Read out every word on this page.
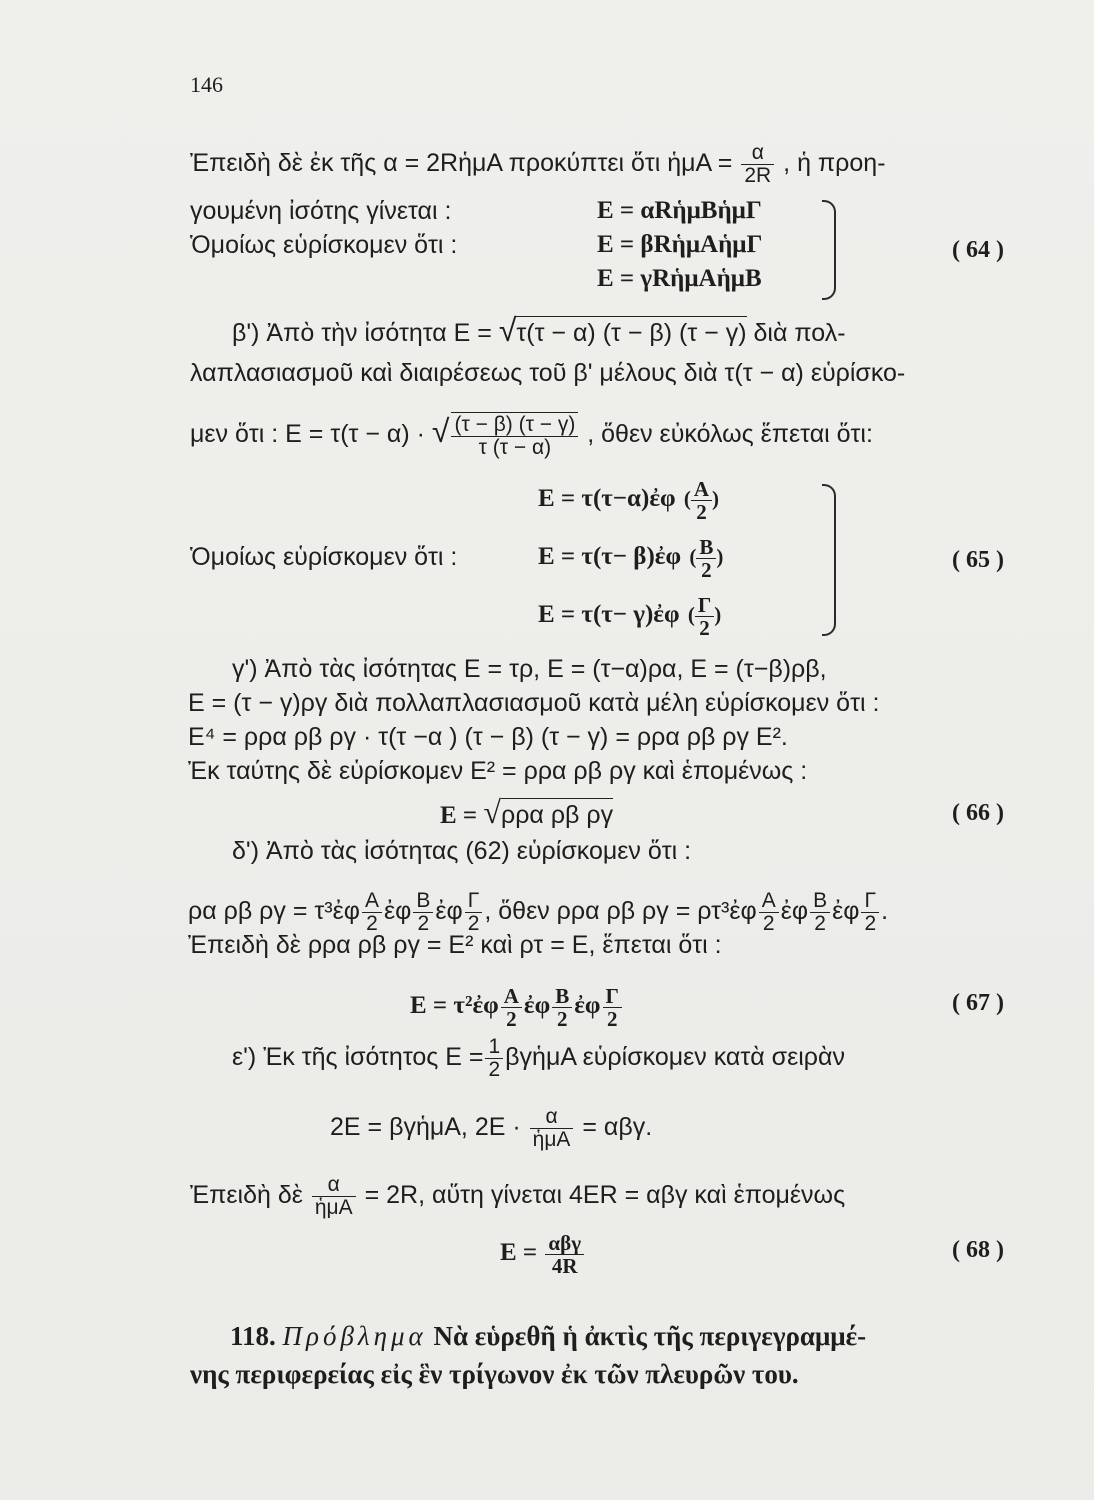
146
Ἐπειδὴ δὲ ἐκ τῆς α = 2RἡμΑ προκύπτει ὅτι ἡμΑ = $\frac{\alpha}{2R}$ , ἡ προη-
γουμένη ἰσότης γίνεται :
Ὁμοίως εὑρίσκομεν ὅτι :
E = αRἡμBἡμΓ
E = βRἡμAἡμΓ
E = γRἡμAἡμB
( 64 )
β') Ἀπὸ τὴν ἰσότητα E = √τ(τ − α) (τ − β) (τ − γ) διὰ πολ-
λαπλασιασμοῦ καὶ διαιρέσεως τοῦ β' μέλους διὰ τ(τ − α) εὑρίσκο-
μεν ὅτι : E = τ(τ − α) · √ $\frac{(\tau - \beta) (\tau - \gamma)}{\tau (\tau - \alpha)}$ , ὅθεν εὐκόλως ἕπεται ὅτι:
E = τ(τ−α)ἐφ ( $\frac{A}{2}$ )
E = τ(τ− β)ἐφ ( $\frac{B}{2}$ )
E = τ(τ− γ)ἐφ ( $\frac{\Gamma}{2}$ )
Ὁμοίως εὑρίσκομεν ὅτι :	( 65 )
γ') Ἀπὸ τὰς ἰσότητας E = τρ, E = (τ−α)ρα, E = (τ−β)ρβ,
E = (τ − γ)ργ διὰ πολλαπλασιασμοῦ κατὰ μέλη εὑρίσκομεν ὅτι :
E⁴ = ρρα ρβ ργ · τ(τ −α ) (τ − β) (τ − γ) = ρρα ρβ ργ E².
Ἐκ ταύτης δὲ εὑρίσκομεν E² = ρρα ρβ ργ καὶ ἑπομένως :
E = √ρρα ρβ ργ	( 66 )
δ') Ἀπὸ τὰς ἰσότητας (62) εὑρίσκομεν ὅτι :
ρα ρβ ργ = τ³ἐφ $\frac{A}{2}$ ἐφ $\frac{B}{2}$ ἐφ $\frac{\Gamma}{2}$ , ὅθεν ρρα ρβ ργ = ρτ³ἐφ $\frac{A}{2}$ ἐφ $\frac{B}{2}$ ἐφ $\frac{\Gamma}{2}$ .
Ἐπειδὴ δὲ ρρα ρβ ργ = E² καὶ ρτ = E, ἕπεται ὅτι :
E = τ²ἐφ $\frac{A}{2}$ ἐφ $\frac{B}{2}$ ἐφ $\frac{\Gamma}{2}$	( 67 )
ε') Ἐκ τῆς ἰσότητος $E = \frac{1}{2}$ βγἡμΑ εὑρίσκομεν κατὰ σειρὰν
2E = βγἡμΑ, $2E \cdot \frac{\alpha}{\text{ἡμΑ}} = \alpha\beta\gamma$.
Ἐπειδὴ δὲ $\frac{\alpha}{\text{ἡμΑ}} = 2R$, αὕτη γίνεται 4ER = αβγ καὶ ἑπομένως
$E = \frac{\text{αβγ}}{4R}$	( 68 )
118. Πρόβλημα Νὰ εὑρεθῆ ἡ ἀκτὶς τῆς περιγεγραμμέ-
νης περιφερείας εἰς ἓν τρίγωνον ἐκ τῶν πλευρῶν του.
